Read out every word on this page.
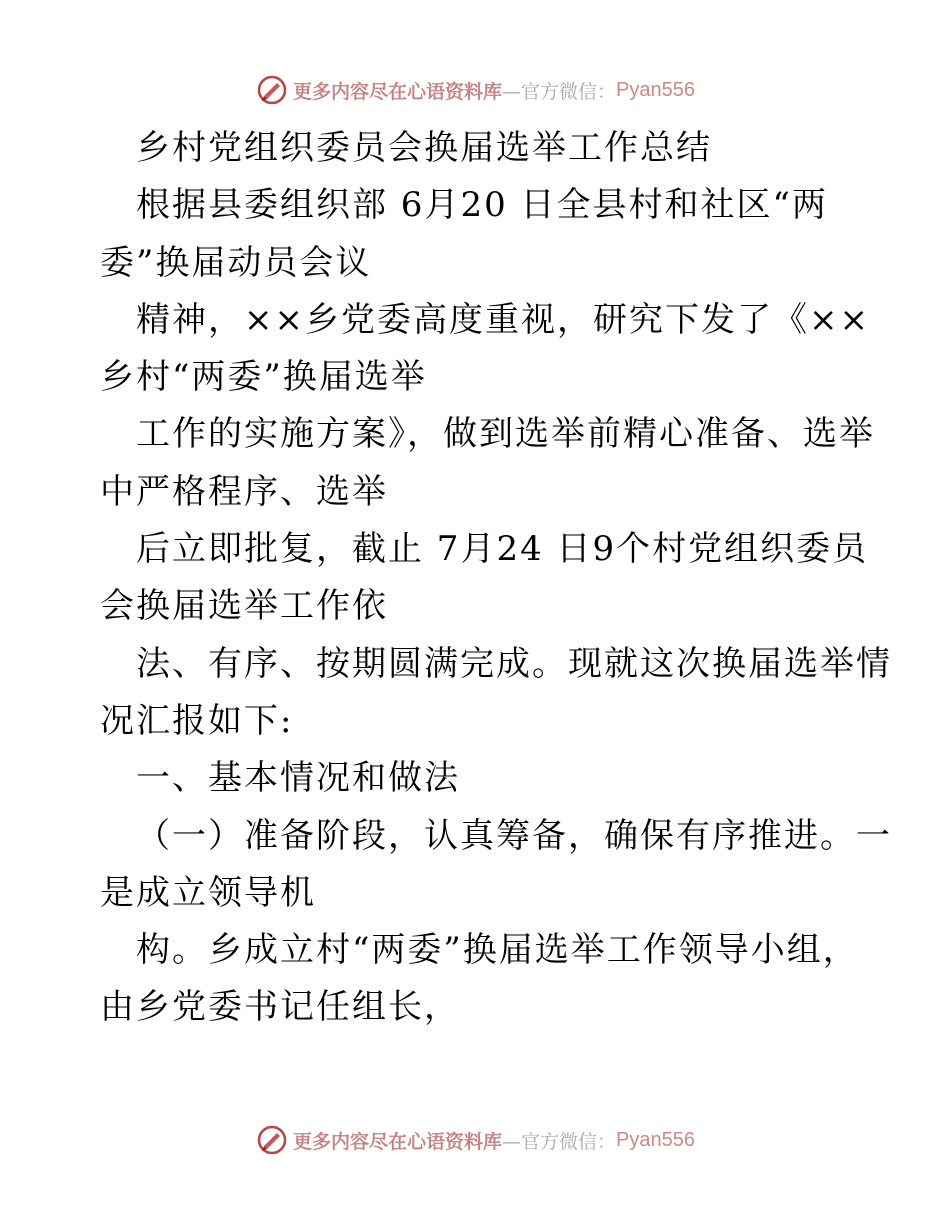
更多内容尽在心语资料库 —官方微信： Pyan556
乡村党组织委员会换届选举工作总结
根据县委组织部 6月20 日全县村和社区“两
委”换届动员会议
精神，××乡党委高度重视，研究下发了《××
乡村“两委”换届选举
工作的实施方案》，做到选举前精心准备、选举
中严格程序、选举
后立即批复，截止 7月24 日9个村党组织委员
会换届选举工作依
法、有序、按期圆满完成。现就这次换届选举情
况汇报如下:
一、基本情况和做法
（一）准备阶段，认真筹备，确保有序推进。一
是成立领导机
构。乡成立村“两委”换届选举工作领导小组，
由乡党委书记任组长，
更多内容尽在心语资料库 —官方微信： Pyan556
